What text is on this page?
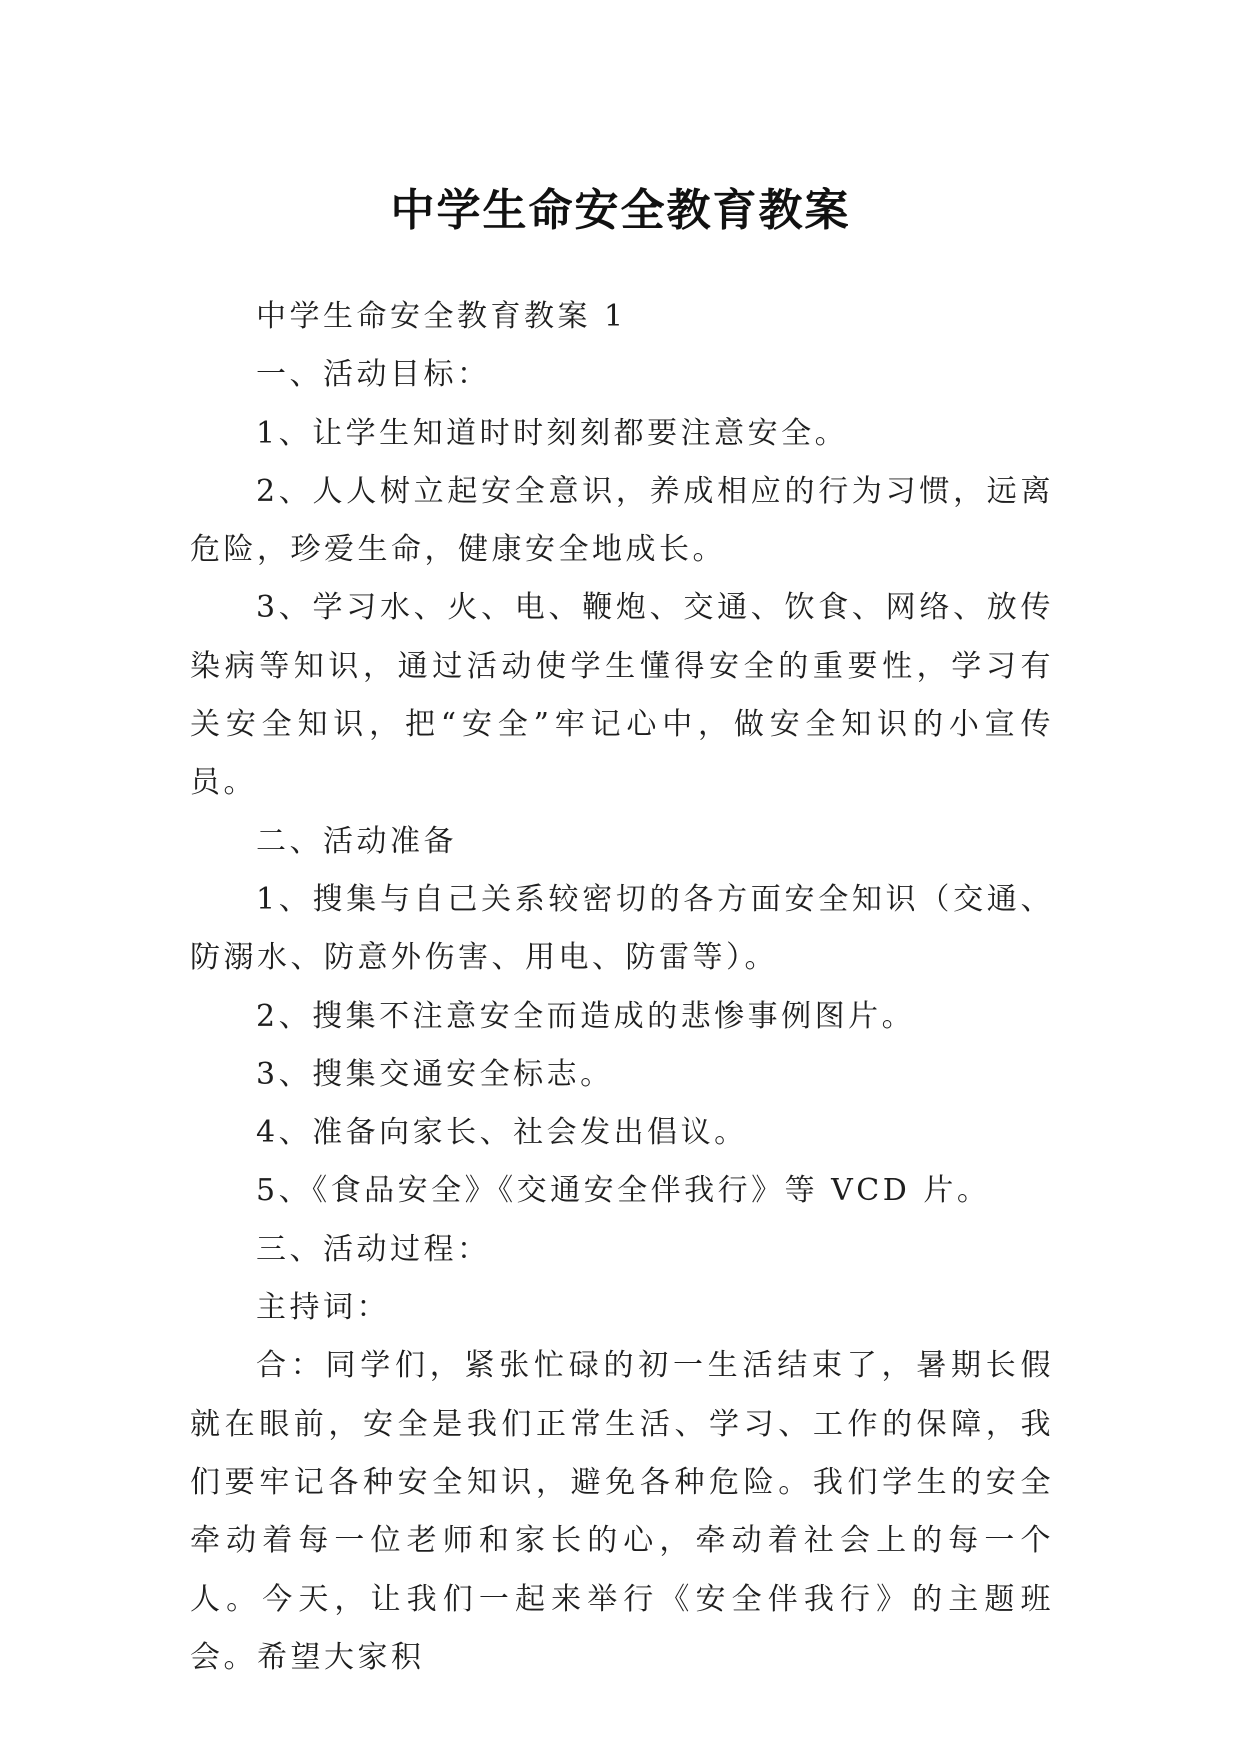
中学生命安全教育教案

中学生命安全教育教案 1

一、活动目标：

1、让学生知道时时刻刻都要注意安全。

2、人人树立起安全意识，养成相应的行为习惯，远离危险，珍爱生命，健康安全地成长。

3、学习水、火、电、鞭炮、交通、饮食、网络、放传染病等知识，通过活动使学生懂得安全的重要性，学习有关安全知识，把“安全”牢记心中，做安全知识的小宣传员。

二、活动准备

1、搜集与自己关系较密切的各方面安全知识（交通、防溺水、防意外伤害、用电、防雷等）。

2、搜集不注意安全而造成的悲惨事例图片。

3、搜集交通安全标志。

4、准备向家长、社会发出倡议。

5、《食品安全》《交通安全伴我行》等 VCD 片。

三、活动过程：

主持词：

合：同学们，紧张忙碌的初一生活结束了，暑期长假就在眼前，安全是我们正常生活、学习、工作的保障，我们要牢记各种安全知识，避免各种危险。我们学生的安全牵动着每一位老师和家长的心，牵动着社会上的每一个人。今天，让我们一起来举行《安全伴我行》的主题班会。希望大家积
